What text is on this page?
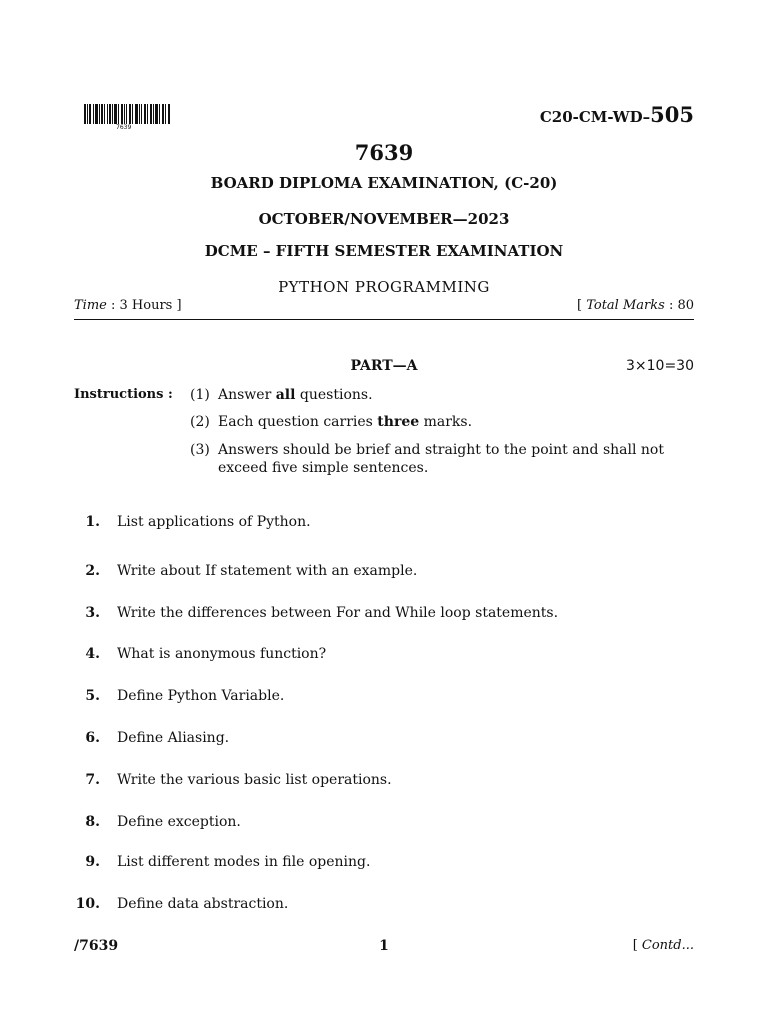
7639
C20-CM-WD–505
7639
BOARD DIPLOMA EXAMINATION, (C-20)
OCTOBER/NOVEMBER—2023
DCME – FIFTH SEMESTER EXAMINATION
PYTHON PROGRAMMING
Time : 3 Hours ]	[ Total Marks : 80
PART—A	3×10=30
Instructions : (1) Answer all questions.
(2) Each question carries three marks.
(3) Answers should be brief and straight to the point and shall not exceed five simple sentences.
1. List applications of Python.
2. Write about If statement with an example.
3. Write the differences between For and While loop statements.
4. What is anonymous function?
5. Define Python Variable.
6. Define Aliasing.
7. Write the various basic list operations.
8. Define exception.
9. List different modes in file opening.
10. Define data abstraction.
/7639	1	[ Contd...
